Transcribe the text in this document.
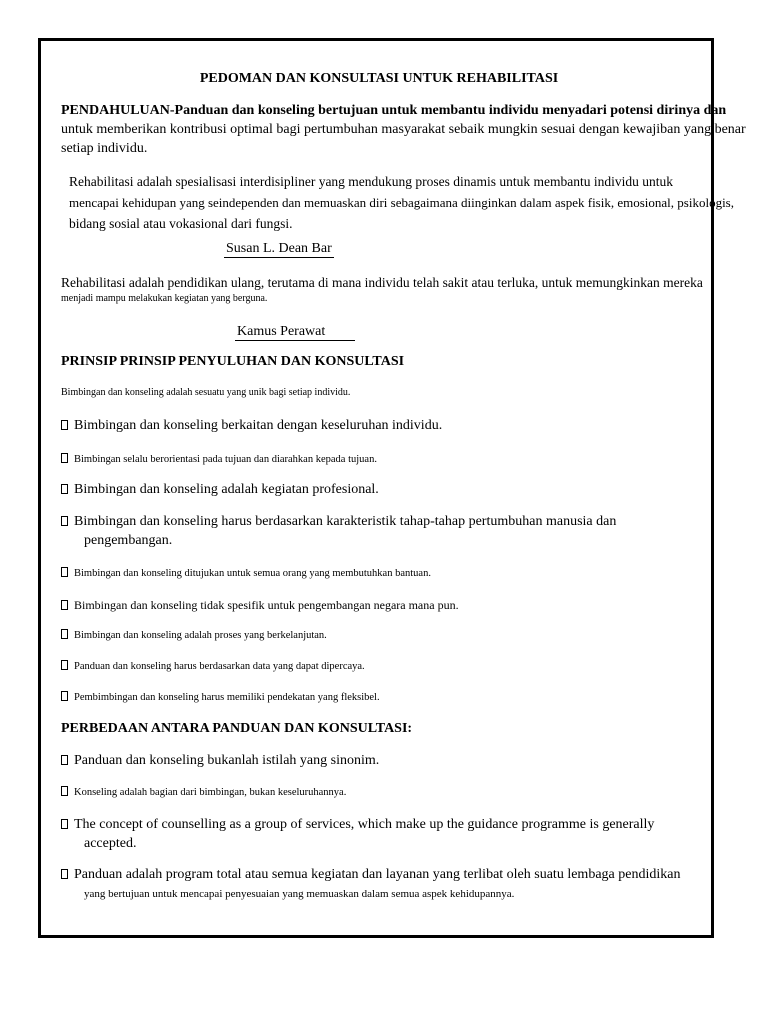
PEDOMAN DAN KONSULTASI UNTUK REHABILITASI
PENDAHULUAN-Panduan dan konseling bertujuan untuk membantu individu menyadari potensi dirinya dan
untuk memberikan kontribusi optimal bagi pertumbuhan masyarakat sebaik mungkin sesuai dengan kewajiban yang benar
setiap individu.
Rehabilitasi adalah spesialisasi interdisipliner yang mendukung proses dinamis untuk membantu individu untuk
mencapai kehidupan yang seindependen dan memuaskan diri sebagaimana diinginkan dalam aspek fisik, emosional, psikologis,
bidang sosial atau vokasional dari fungsi.
Susan L. Dean Bar
Rehabilitasi adalah pendidikan ulang, terutama di mana individu telah sakit atau terluka, untuk memungkinkan mereka
menjadi mampu melakukan kegiatan yang berguna.
Kamus Perawat
PRINSIP PRINSIP PENYULUHAN DAN KONSULTASI
Bimbingan dan konseling adalah sesuatu yang unik bagi setiap individu.
Bimbingan dan konseling berkaitan dengan keseluruhan individu.
Bimbingan selalu berorientasi pada tujuan dan diarahkan kepada tujuan.
Bimbingan dan konseling adalah kegiatan profesional.
Bimbingan dan konseling harus berdasarkan karakteristik tahap-tahap pertumbuhan manusia dan
pengembangan.
Bimbingan dan konseling ditujukan untuk semua orang yang membutuhkan bantuan.
Bimbingan dan konseling tidak spesifik untuk pengembangan negara mana pun.
Bimbingan dan konseling adalah proses yang berkelanjutan.
Panduan dan konseling harus berdasarkan data yang dapat dipercaya.
Pembimbingan dan konseling harus memiliki pendekatan yang fleksibel.
PERBEDAAN ANTARA PANDUAN DAN KONSULTASI:
Panduan dan konseling bukanlah istilah yang sinonim.
Konseling adalah bagian dari bimbingan, bukan keseluruhannya.
The concept of counselling as a group of services, which make up the guidance programme is generally
accepted.
Panduan adalah program total atau semua kegiatan dan layanan yang terlibat oleh suatu lembaga pendidikan
yang bertujuan untuk mencapai penyesuaian yang memuaskan dalam semua aspek kehidupannya.
